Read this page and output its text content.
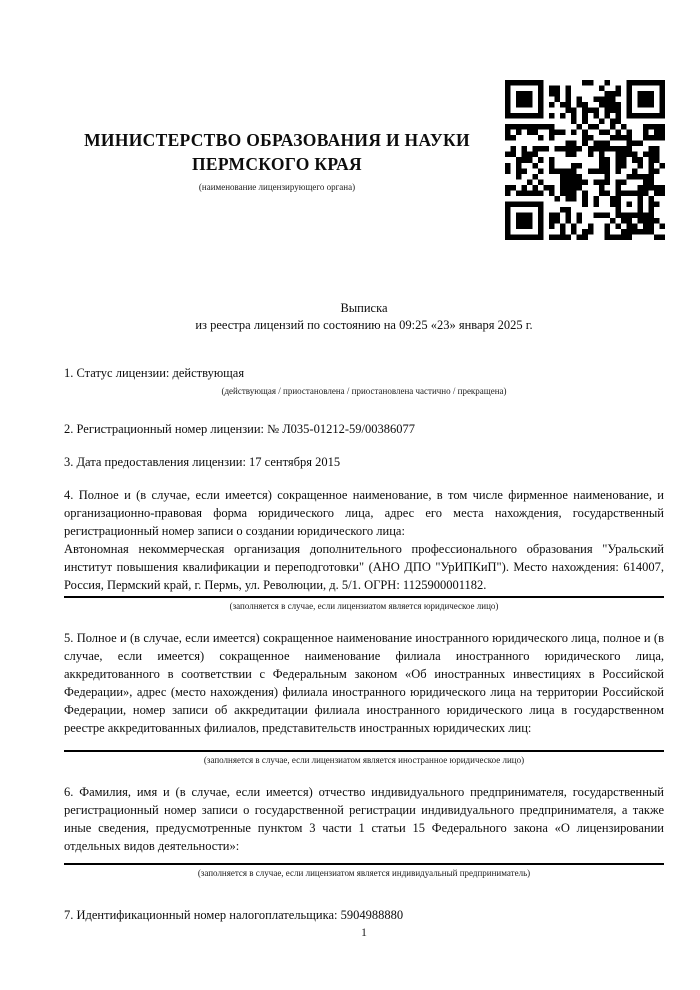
МИНИСТЕРСТВО ОБРАЗОВАНИЯ И НАУКИ
ПЕРМСКОГО КРАЯ
(наименование лицензирующего органа)
Выписка
из реестра лицензий по состоянию на 09:25 «23» января 2025 г.

1. Статус лицензии: действующая

(действующая / приостановлена / приостановлена частично / прекращена)

2. Регистрационный номер лицензии: № Л035-01212-59/00386077

3. Дата предоставления лицензии: 17 сентября 2015

4. Полное и (в случае, если имеется) сокращенное наименование, в том числе фирменное наименование, и организационно-правовая форма юридического лица, адрес его места нахождения, государственный регистрационный номер записи о создании юридического лица:

Автономная некоммерческая организация дополнительного профессионального образования "Уральский институт повышения квалификации и переподготовки" (АНО ДПО "УрИПКиП"). Место нахождения: 614007, Россия, Пермский край, г. Пермь, ул. Революции, д. 5/1. ОГРН: 1125900001182.

(заполняется в случае, если лицензиатом является юридическое лицо)

5. Полное и (в случае, если имеется) сокращенное наименование иностранного юридического лица, полное и (в случае, если имеется) сокращенное наименование филиала иностранного юридического лица, аккредитованного в соответствии с Федеральным законом «Об иностранных инвестициях в Российской Федерации», адрес (место нахождения) филиала иностранного юридического лица на территории Российской Федерации, номер записи об аккредитации филиала иностранного юридического лица в государственном реестре аккредитованных филиалов, представительств иностранных юридических лиц:

(заполняется в случае, если лицензиатом является иностранное юридическое лицо)

6. Фамилия, имя и (в случае, если имеется) отчество индивидуального предпринимателя, государственный регистрационный номер записи о государственной регистрации индивидуального предпринимателя, а также иные сведения, предусмотренные пунктом 3 части 1 статьи 15 Федерального закона «О лицензировании отдельных видов деятельности»:

(заполняется в случае, если лицензиатом является индивидуальный предприниматель)

7. Идентификационный номер налогоплательщика: 5904988880

1
